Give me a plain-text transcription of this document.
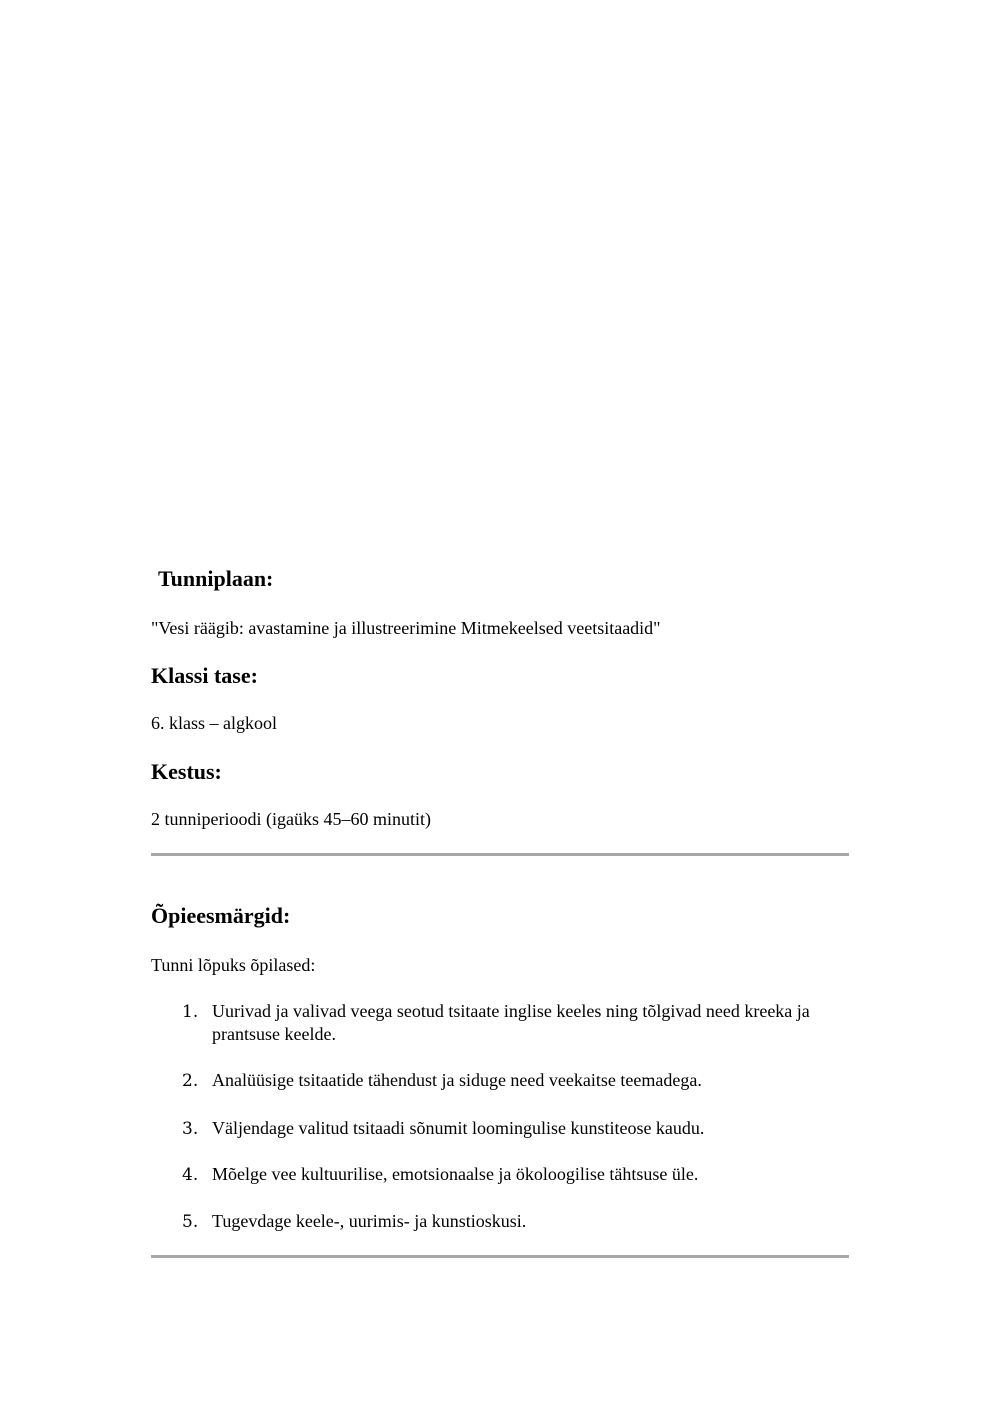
Tunniplaan:

"Vesi räägib: avastamine ja illustreerimine Mitmekeelsed veetsitaadid"

Klassi tase:

6. klass – algkool

Kestus:

2 tunniperioodi (igaüks 45–60 minutit)

Õpieesmärgid:

Tunni lõpuks õpilased:

1. Uurivad ja valivad veega seotud tsitaate inglise keeles ning tõlgivad need kreeka ja prantsuse keelde.
2. Analüüsige tsitaatide tähendust ja siduge need veekaitse teemadega.
3. Väljendage valitud tsitaadi sõnumit loomingulise kunstiteose kaudu.
4. Mõelge vee kultuurilise, emotsionaalse ja ökoloogilise tähtsuse üle.
5. Tugevdage keele-, uurimis- ja kunstioskusi.
